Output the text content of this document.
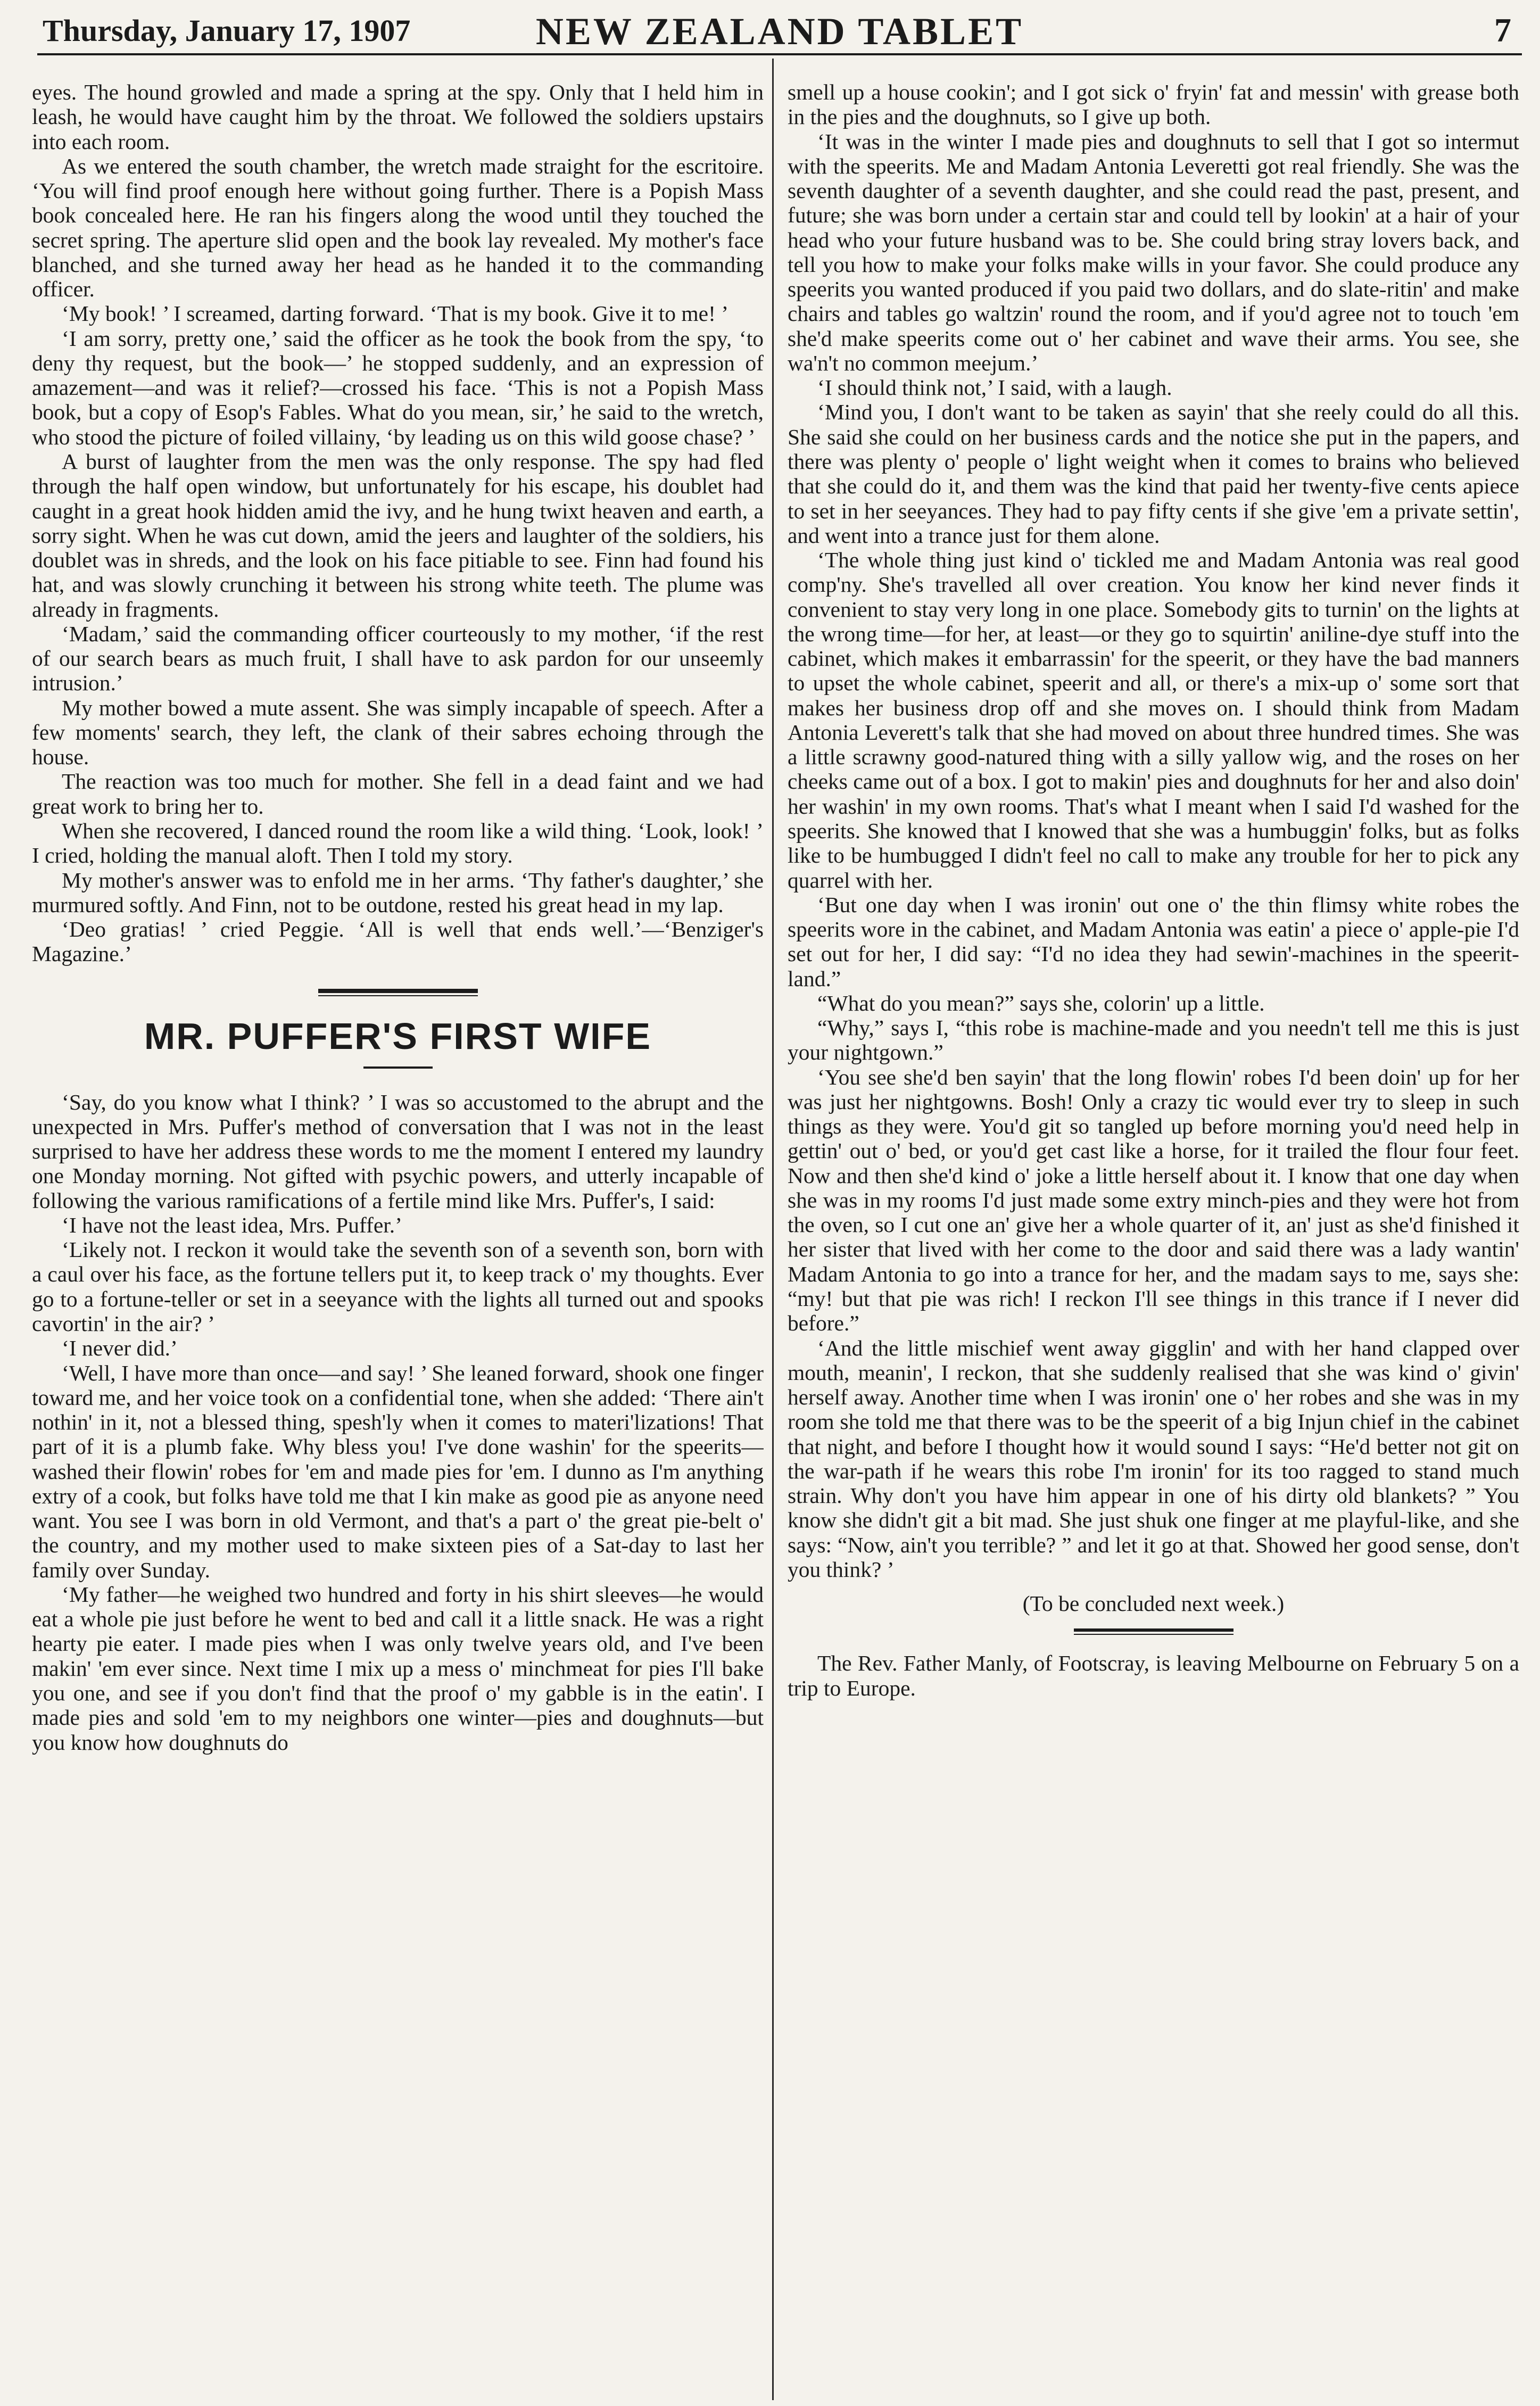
Thursday, January 17, 1907	NEW ZEALAND TABLET	7

eyes. The hound growled and made a spring at the spy. Only that I held him in leash, he would have caught him by the throat. We followed the soldiers upstairs into each room.

As we entered the south chamber, the wretch made straight for the escritoire. ‘You will find proof enough here without going further. There is a Popish Mass book concealed here. He ran his fingers along the wood until they touched the secret spring. The aperture slid open and the book lay revealed. My mother's face blanched, and she turned away her head as he handed it to the commanding officer.

‘My book! ’ I screamed, darting forward. ‘That is my book. Give it to me! ’

‘I am sorry, pretty one,’ said the officer as he took the book from the spy, ‘to deny thy request, but the book—’ he stopped suddenly, and an expression of amazement—and was it relief?—crossed his face. ‘This is not a Popish Mass book, but a copy of Esop's Fables. What do you mean, sir,’ he said to the wretch, who stood the picture of foiled villainy, ‘by leading us on this wild goose chase? ’

A burst of laughter from the men was the only response. The spy had fled through the half open window, but unfortunately for his escape, his doublet had caught in a great hook hidden amid the ivy, and he hung twixt heaven and earth, a sorry sight. When he was cut down, amid the jeers and laughter of the soldiers, his doublet was in shreds, and the look on his face pitiable to see. Finn had found his hat, and was slowly crunching it between his strong white teeth. The plume was already in fragments.

‘Madam,’ said the commanding officer courteously to my mother, ‘if the rest of our search bears as much fruit, I shall have to ask pardon for our unseemly intrusion.’

My mother bowed a mute assent. She was simply incapable of speech. After a few moments' search, they left, the clank of their sabres echoing through the house.

The reaction was too much for mother. She fell in a dead faint and we had great work to bring her to.

When she recovered, I danced round the room like a wild thing. ‘Look, look! ’ I cried, holding the manual aloft. Then I told my story.

My mother's answer was to enfold me in her arms. ‘Thy father's daughter,’ she murmured softly. And Finn, not to be outdone, rested his great head in my lap.

‘Deo gratias! ’ cried Peggie. ‘All is well that ends well.’—‘Benziger's Magazine.’

MR. PUFFER'S FIRST WIFE

‘Say, do you know what I think? ’ I was so accustomed to the abrupt and the unexpected in Mrs. Puffer's method of conversation that I was not in the least surprised to have her address these words to me the moment I entered my laundry one Monday morning. Not gifted with psychic powers, and utterly incapable of following the various ramifications of a fertile mind like Mrs. Puffer's, I said:

‘I have not the least idea, Mrs. Puffer.’

‘Likely not. I reckon it would take the seventh son of a seventh son, born with a caul over his face, as the fortune tellers put it, to keep track o' my thoughts. Ever go to a fortune-teller or set in a seeyance with the lights all turned out and spooks cavortin' in the air? ’

‘I never did.’

‘Well, I have more than once—and say! ’ She leaned forward, shook one finger toward me, and her voice took on a confidential tone, when she added: ‘There ain't nothin' in it, not a blessed thing, spesh'ly when it comes to materi'lizations! That part of it is a plumb fake. Why bless you! I've done washin' for the speerits—washed their flowin' robes for 'em and made pies for 'em. I dunno as I'm anything extry of a cook, but folks have told me that I kin make as good pie as anyone need want. You see I was born in old Vermont, and that's a part o' the great pie-belt o' the country, and my mother used to make sixteen pies of a Sat-day to last her family over Sunday.

‘My father—he weighed two hundred and forty in his shirt sleeves—he would eat a whole pie just before he went to bed and call it a little snack. He was a right hearty pie eater. I made pies when I was only twelve years old, and I've been makin' 'em ever since. Next time I mix up a mess o' minchmeat for pies I'll bake you one, and see if you don't find that the proof o' my gabble is in the eatin'. I made pies and sold 'em to my neighbors one winter—pies and doughnuts—but you know how doughnuts do

smell up a house cookin'; and I got sick o' fryin' fat and messin' with grease both in the pies and the doughnuts, so I give up both.

‘It was in the winter I made pies and doughnuts to sell that I got so intermut with the speerits. Me and Madam Antonia Leveretti got real friendly. She was the seventh daughter of a seventh daughter, and she could read the past, present, and future; she was born under a certain star and could tell by lookin' at a hair of your head who your future husband was to be. She could bring stray lovers back, and tell you how to make your folks make wills in your favor. She could produce any speerits you wanted produced if you paid two dollars, and do slate-ritin' and make chairs and tables go waltzin' round the room, and if you'd agree not to touch 'em she'd make speerits come out o' her cabinet and wave their arms. You see, she wa'n't no common meejum.’

‘I should think not,’ I said, with a laugh.

‘Mind you, I don't want to be taken as sayin' that she reely could do all this. She said she could on her business cards and the notice she put in the papers, and there was plenty o' people o' light weight when it comes to brains who believed that she could do it, and them was the kind that paid her twenty-five cents apiece to set in her seeyances. They had to pay fifty cents if she give 'em a private settin', and went into a trance just for them alone.

‘The whole thing just kind o' tickled me and Madam Antonia was real good comp'ny. She's travelled all over creation. You know her kind never finds it convenient to stay very long in one place. Somebody gits to turnin' on the lights at the wrong time—for her, at least—or they go to squirtin' aniline-dye stuff into the cabinet, which makes it embarrassin' for the speerit, or they have the bad manners to upset the whole cabinet, speerit and all, or there's a mix-up o' some sort that makes her business drop off and she moves on. I should think from Madam Antonia Leverett's talk that she had moved on about three hundred times. She was a little scrawny good-natured thing with a silly yallow wig, and the roses on her cheeks came out of a box. I got to makin' pies and doughnuts for her and also doin' her washin' in my own rooms. That's what I meant when I said I'd washed for the speerits. She knowed that I knowed that she was a humbuggin' folks, but as folks like to be humbugged I didn't feel no call to make any trouble for her to pick any quarrel with her.

‘But one day when I was ironin' out one o' the thin flimsy white robes the speerits wore in the cabinet, and Madam Antonia was eatin' a piece o' apple-pie I'd set out for her, I did say: “I'd no idea they had sewin'-machines in the speerit-land.”

“What do you mean?” says she, colorin' up a little.

“Why,” says I, “this robe is machine-made and you needn't tell me this is just your nightgown.”

‘You see she'd ben sayin' that the long flowin' robes I'd been doin' up for her was just her nightgowns. Bosh! Only a crazy tic would ever try to sleep in such things as they were. You'd git so tangled up before morning you'd need help in gettin' out o' bed, or you'd get cast like a horse, for it trailed the flour four feet. Now and then she'd kind o' joke a little herself about it. I know that one day when she was in my rooms I'd just made some extry minch-pies and they were hot from the oven, so I cut one an' give her a whole quarter of it, an' just as she'd finished it her sister that lived with her come to the door and said there was a lady wantin' Madam Antonia to go into a trance for her, and the madam says to me, says she: “my! but that pie was rich! I reckon I'll see things in this trance if I never did before.”

‘And the little mischief went away gigglin' and with her hand clapped over mouth, meanin', I reckon, that she suddenly realised that she was kind o' givin' herself away. Another time when I was ironin' one o' her robes and she was in my room she told me that there was to be the speerit of a big Injun chief in the cabinet that night, and before I thought how it would sound I says: “He'd better not git on the war-path if he wears this robe I'm ironin' for its too ragged to stand much strain. Why don't you have him appear in one of his dirty old blankets? ” You know she didn't git a bit mad. She just shuk one finger at me playful-like, and she says: “Now, ain't you terrible? ” and let it go at that. Showed her good sense, don't you think? ’

(To be concluded next week.)

The Rev. Father Manly, of Footscray, is leaving Melbourne on February 5 on a trip to Europe.
